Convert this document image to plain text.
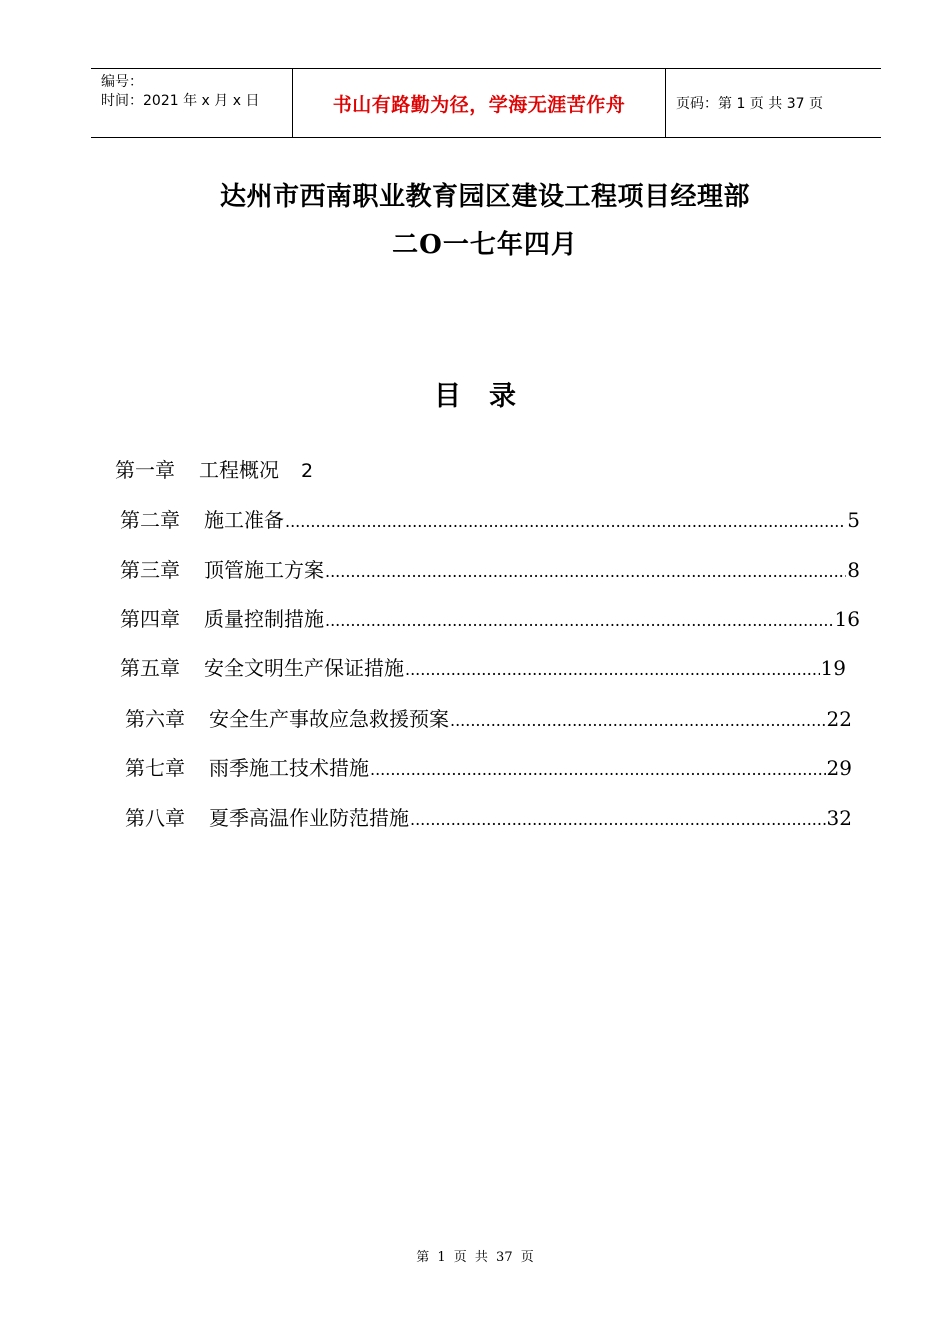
编号：
时间：2021 年 x 月 x 日	书山有路勤为径，学海无涯苦作舟	页码：第 1 页 共 37 页
达州市西南职业教育园区建设工程项目经理部
二O一七年四月
目录
第一章 工程概况 2
第二章 施工准备 .....	5
第三章 顶管施工方案 .....	8
第四章 质量控制措施 .....	16
第五章 安全文明生产保证措施 .....	19
第六章 安全生产事故应急救援预案 .....	22
第七章 雨季施工技术措施 .....	29
第八章 夏季高温作业防范措施 .....	32
第 1 页 共 37 页
